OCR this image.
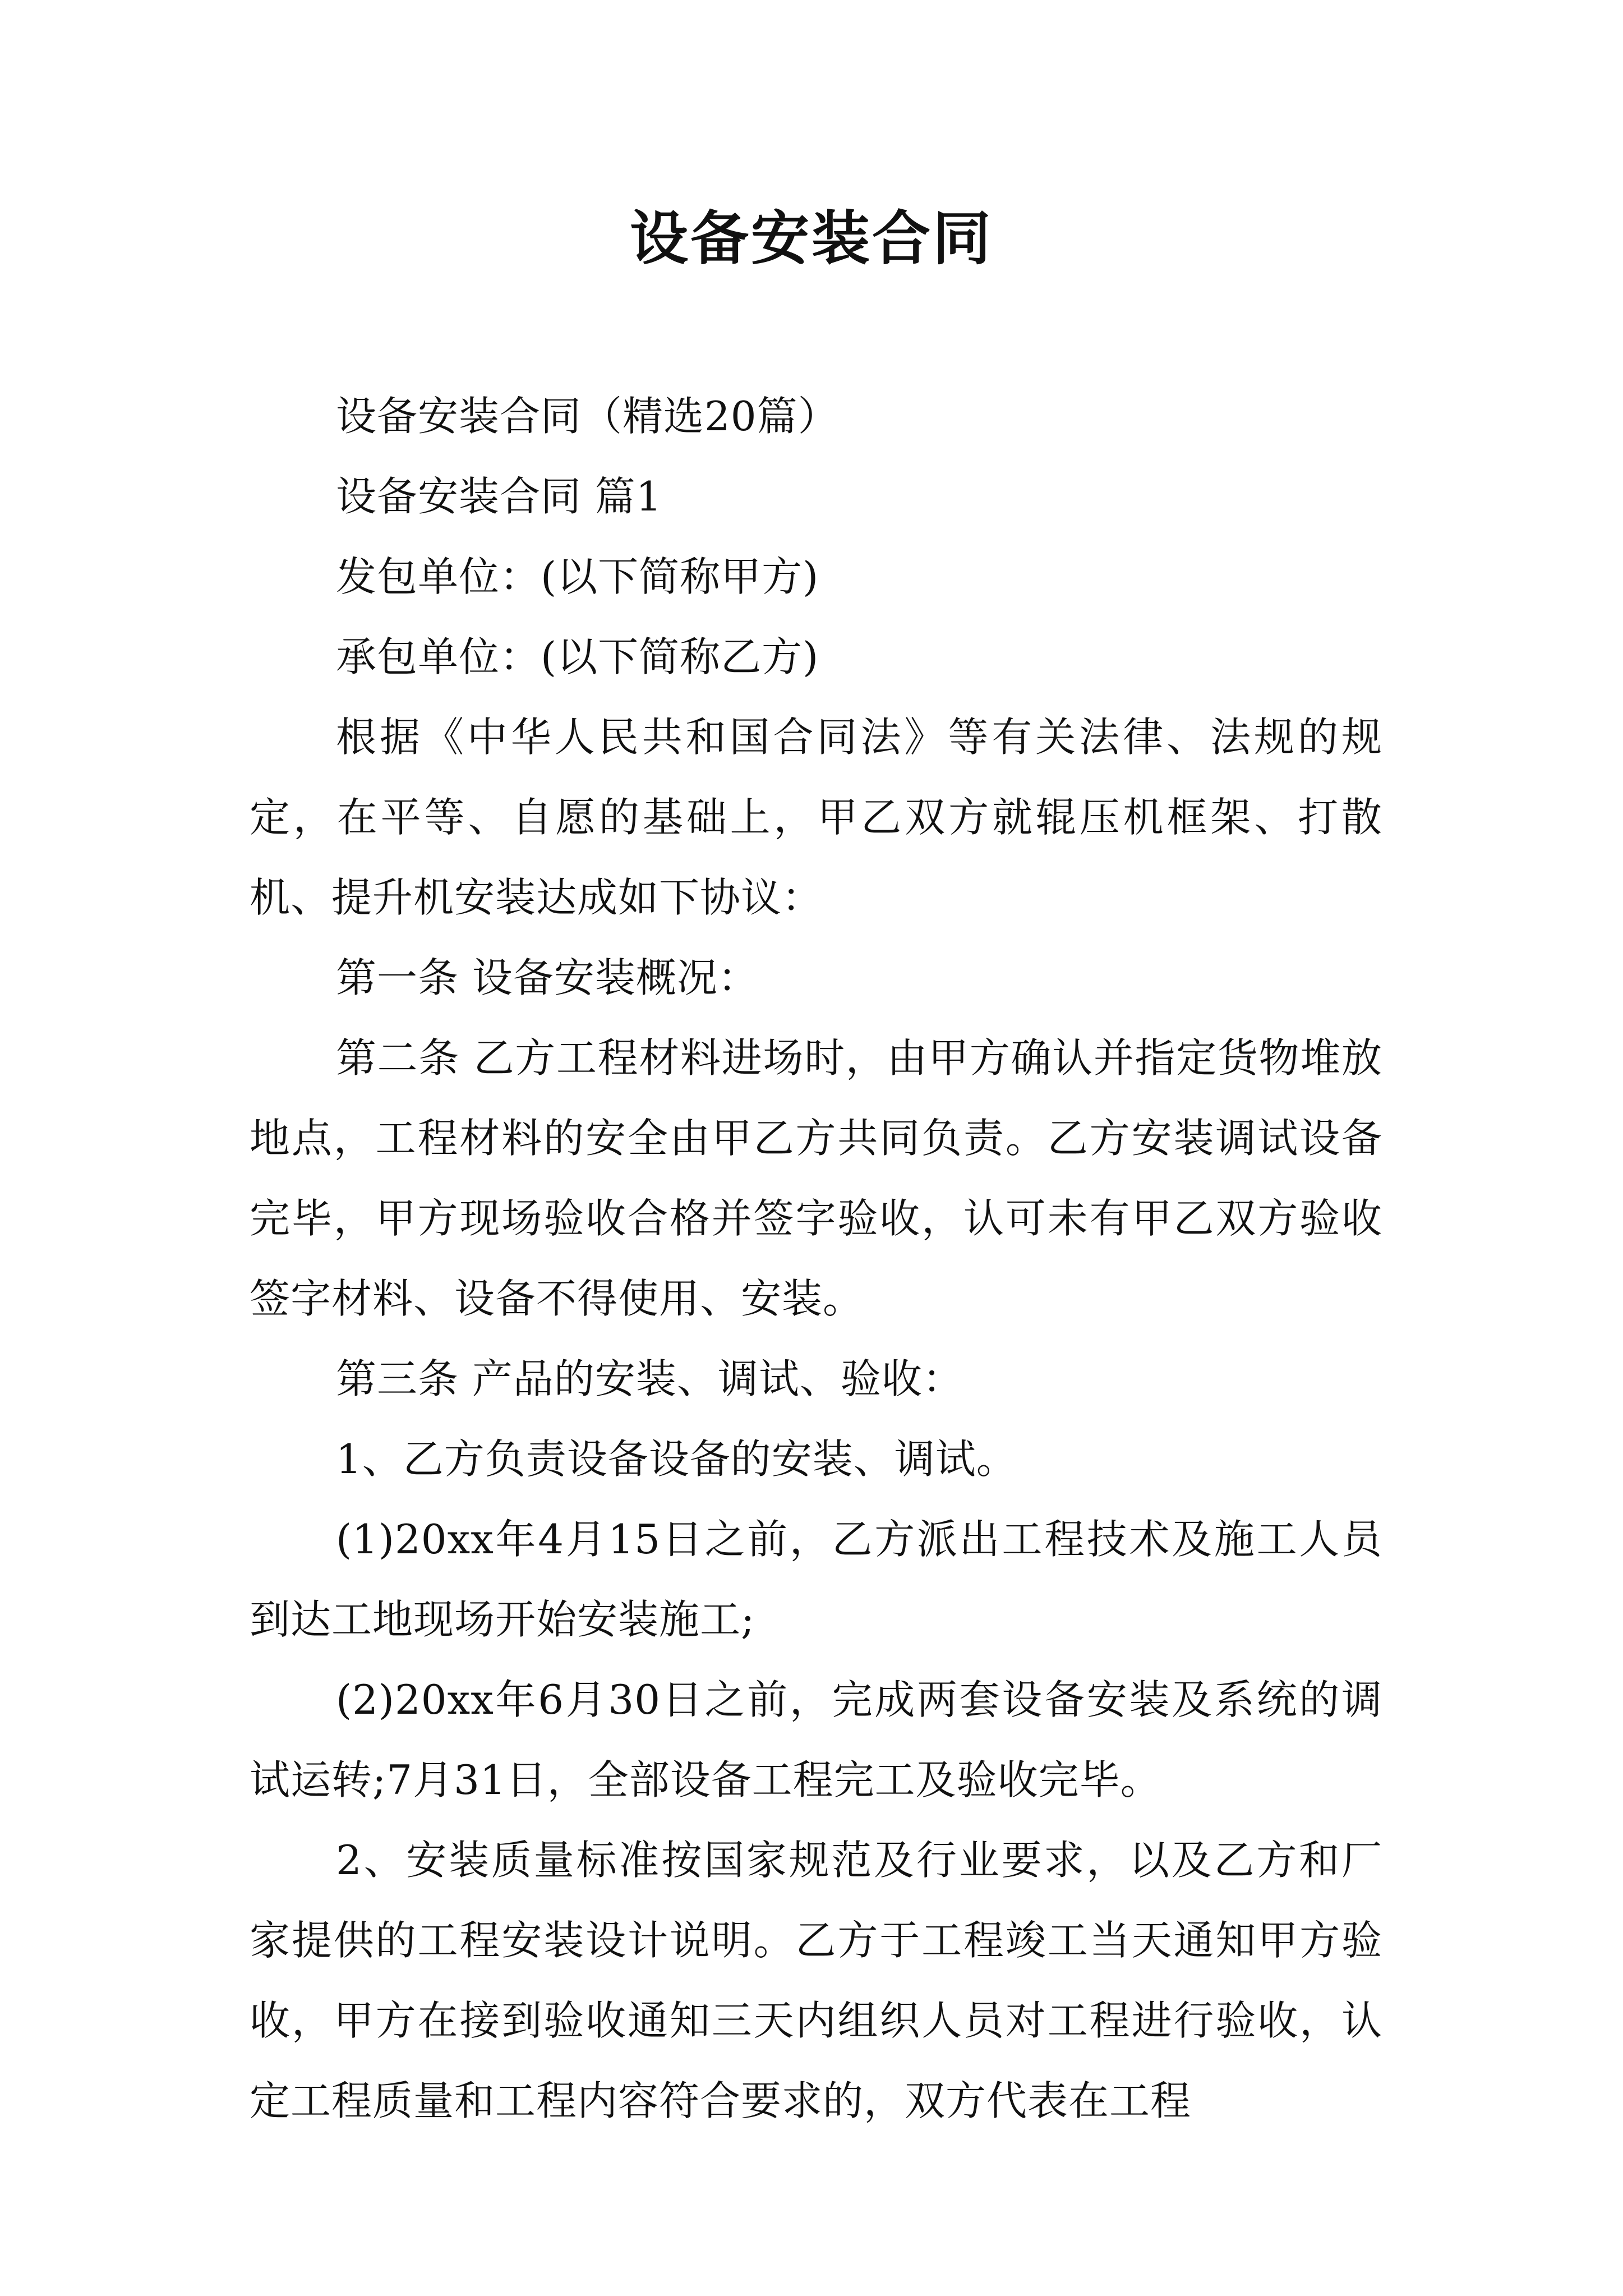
设备安装合同

设备安装合同（精选20篇）

设备安装合同 篇1

发包单位：(以下简称甲方)

承包单位：(以下简称乙方)

根据《中华人民共和国合同法》等有关法律、法规的规定，在平等、自愿的基础上，甲乙双方就辊压机框架、打散机、提升机安装达成如下协议：

第一条 设备安装概况：

第二条 乙方工程材料进场时，由甲方确认并指定货物堆放地点，工程材料的安全由甲乙方共同负责。乙方安装调试设备完毕，甲方现场验收合格并签字验收，认可未有甲乙双方验收签字材料、设备不得使用、安装。

第三条 产品的安装、调试、验收：

1、乙方负责设备设备的安装、调试。

(1)20xx年4月15日之前，乙方派出工程技术及施工人员到达工地现场开始安装施工;

(2)20xx年6月30日之前，完成两套设备安装及系统的调试运转;7月31日，全部设备工程完工及验收完毕。

2、安装质量标准按国家规范及行业要求，以及乙方和厂家提供的工程安装设计说明。乙方于工程竣工当天通知甲方验收，甲方在接到验收通知三天内组织人员对工程进行验收，认定工程质量和工程内容符合要求的，双方代表在工程
